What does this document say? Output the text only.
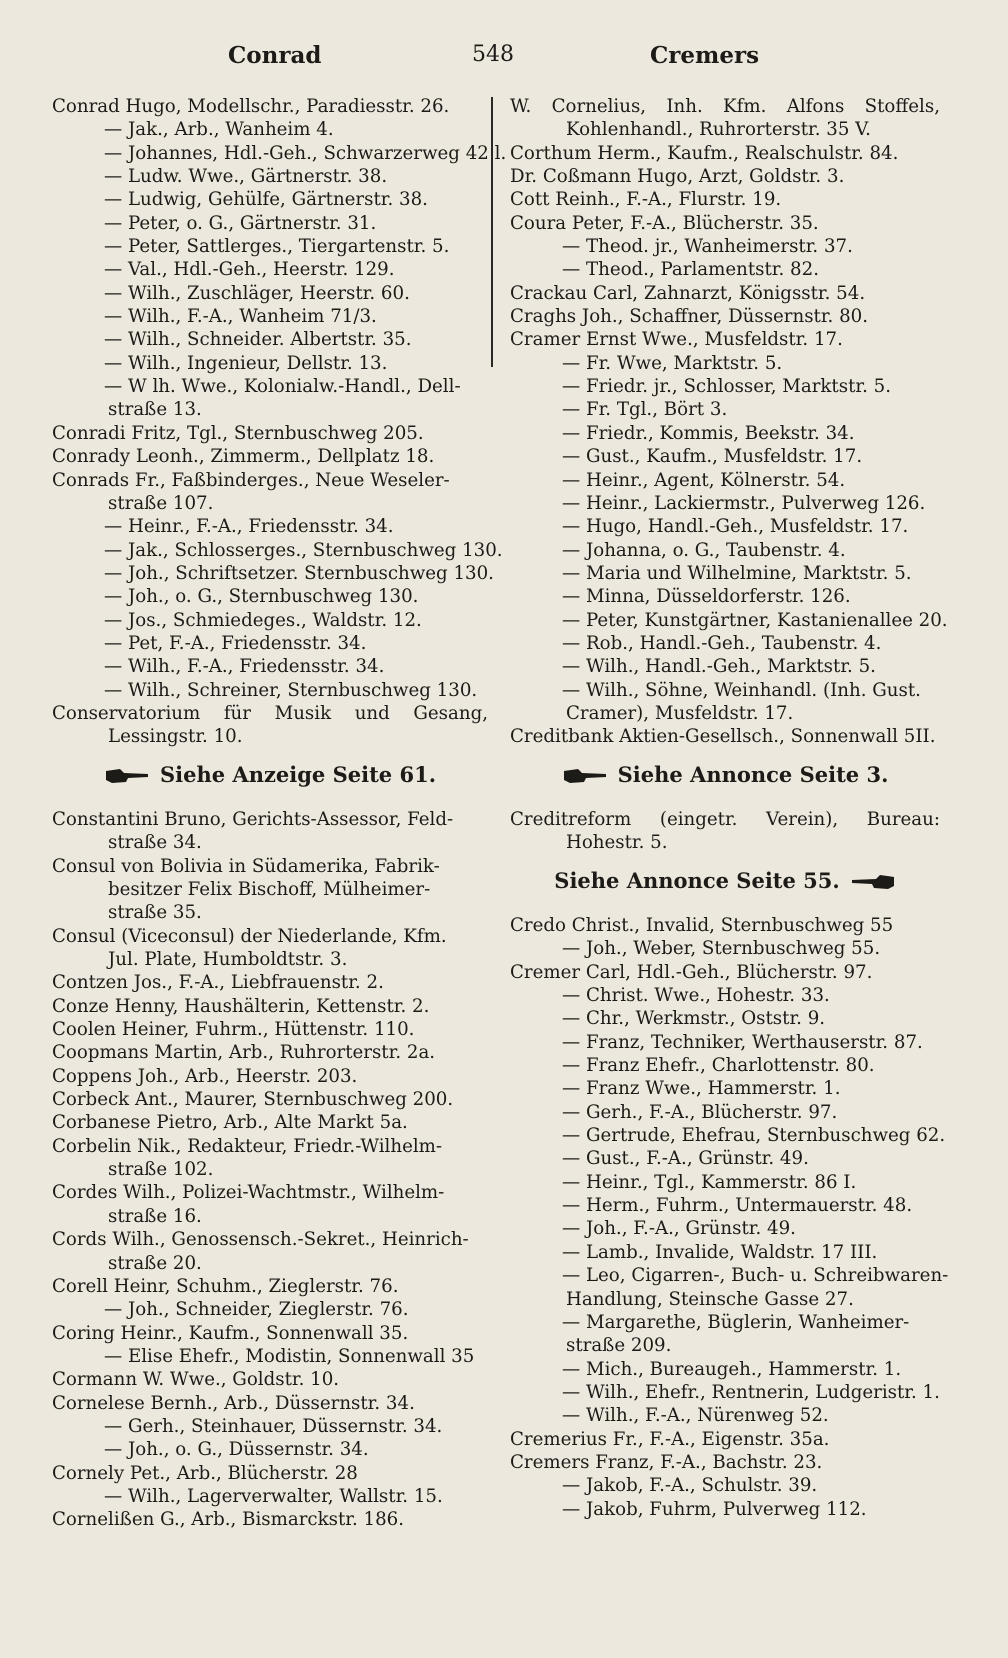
Conrad	548	Cremers
Conrad Hugo, Modellschr., Paradiesstr. 26.
— Jak., Arb., Wanheim 4.
— Johannes, Hdl.-Geh., Schwarzerweg 42 l.
— Ludw. Wwe., Gärtnerstr. 38.
— Ludwig, Gehülfe, Gärtnerstr. 38.
— Peter, o. G., Gärtnerstr. 31.
— Peter, Sattlerges., Tiergartenstr. 5.
— Val., Hdl.-Geh., Heerstr. 129.
— Wilh., Zuschläger, Heerstr. 60.
— Wilh., F.-A., Wanheim 71/3.
— Wilh., Schneider. Albertstr. 35.
— Wilh., Ingenieur, Dellstr. 13.
— W lh. Wwe., Kolonialw.-Handl., Dell-
straße 13.
Conradi Fritz, Tgl., Sternbuschweg 205.
Conrady Leonh., Zimmerm., Dellplatz 18.
Conrads Fr., Faßbinderges., Neue Weseler-
straße 107.
— Heinr., F.-A., Friedensstr. 34.
— Jak., Schlosserges., Sternbuschweg 130.
— Joh., Schriftsetzer. Sternbuschweg 130.
— Joh., o. G., Sternbuschweg 130.
— Jos., Schmiedeges., Waldstr. 12.
— Pet, F.-A., Friedensstr. 34.
— Wilh., F.-A., Friedensstr. 34.
— Wilh., Schreiner, Sternbuschweg 130.
Conservatorium für Musik und Gesang,
Lessingstr. 10.
Siehe Anzeige Seite 61.
Constantini Bruno, Gerichts-Assessor, Feld-
straße 34.
Consul von Bolivia in Südamerika, Fabrik-
besitzer Felix Bischoff, Mülheimer-
straße 35.
Consul (Viceconsul) der Niederlande, Kfm.
Jul. Plate, Humboldtstr. 3.
Contzen Jos., F.-A., Liebfrauenstr. 2.
Conze Henny, Haushälterin, Kettenstr. 2.
Coolen Heiner, Fuhrm., Hüttenstr. 110.
Coopmans Martin, Arb., Ruhrorterstr. 2a.
Coppens Joh., Arb., Heerstr. 203.
Corbeck Ant., Maurer, Sternbuschweg 200.
Corbanese Pietro, Arb., Alte Markt 5a.
Corbelin Nik., Redakteur, Friedr.-Wilhelm-
straße 102.
Cordes Wilh., Polizei-Wachtmstr., Wilhelm-
straße 16.
Cords Wilh., Genossensch.-Sekret., Heinrich-
straße 20.
Corell Heinr, Schuhm., Zieglerstr. 76.
— Joh., Schneider, Zieglerstr. 76.
Coring Heinr., Kaufm., Sonnenwall 35.
— Elise Ehefr., Modistin, Sonnenwall 35
Cormann W. Wwe., Goldstr. 10.
Cornelese Bernh., Arb., Düssernstr. 34.
— Gerh., Steinhauer, Düssernstr. 34.
— Joh., o. G., Düssernstr. 34.
Cornely Pet., Arb., Blücherstr. 28
— Wilh., Lagerverwalter, Wallstr. 15.
Cornelißen G., Arb., Bismarckstr. 186.
W. Cornelius, Inh. Kfm. Alfons Stoffels,
Kohlenhandl., Ruhrorterstr. 35 V.
Corthum Herm., Kaufm., Realschulstr. 84.
Dr. Coßmann Hugo, Arzt, Goldstr. 3.
Cott Reinh., F.-A., Flurstr. 19.
Coura Peter, F.-A., Blücherstr. 35.
— Theod. jr., Wanheimerstr. 37.
— Theod., Parlamentstr. 82.
Crackau Carl, Zahnarzt, Königsstr. 54.
Craghs Joh., Schaffner, Düssernstr. 80.
Cramer Ernst Wwe., Musfeldstr. 17.
— Fr. Wwe, Marktstr. 5.
— Friedr. jr., Schlosser, Marktstr. 5.
— Fr. Tgl., Bört 3.
— Friedr., Kommis, Beekstr. 34.
— Gust., Kaufm., Musfeldstr. 17.
— Heinr., Agent, Kölnerstr. 54.
— Heinr., Lackiermstr., Pulverweg 126.
— Hugo, Handl.-Geh., Musfeldstr. 17.
— Johanna, o. G., Taubenstr. 4.
— Maria und Wilhelmine, Marktstr. 5.
— Minna, Düsseldorferstr. 126.
— Peter, Kunstgärtner, Kastanienallee 20.
— Rob., Handl.-Geh., Taubenstr. 4.
— Wilh., Handl.-Geh., Marktstr. 5.
— Wilh., Söhne, Weinhandl. (Inh. Gust.
Cramer), Musfeldstr. 17.
Creditbank Aktien-Gesellsch., Sonnenwall 5II.
Siehe Annonce Seite 3.
Creditreform (eingetr. Verein), Bureau:
Hohestr. 5.
Siehe Annonce Seite 55.
Credo Christ., Invalid, Sternbuschweg 55
— Joh., Weber, Sternbuschweg 55.
Cremer Carl, Hdl.-Geh., Blücherstr. 97.
— Christ. Wwe., Hohestr. 33.
— Chr., Werkmstr., Oststr. 9.
— Franz, Techniker, Werthauserstr. 87.
— Franz Ehefr., Charlottenstr. 80.
— Franz Wwe., Hammerstr. 1.
— Gerh., F.-A., Blücherstr. 97.
— Gertrude, Ehefrau, Sternbuschweg 62.
— Gust., F.-A., Grünstr. 49.
— Heinr., Tgl., Kammerstr. 86 I.
— Herm., Fuhrm., Untermauerstr. 48.
— Joh., F.-A., Grünstr. 49.
— Lamb., Invalide, Waldstr. 17 III.
— Leo, Cigarren-, Buch- u. Schreibwaren-
Handlung, Steinsche Gasse 27.
— Margarethe, Büglerin, Wanheimer-
straße 209.
— Mich., Bureaugeh., Hammerstr. 1.
— Wilh., Ehefr., Rentnerin, Ludgeristr. 1.
— Wilh., F.-A., Nürenweg 52.
Cremerius Fr., F.-A., Eigenstr. 35a.
Cremers Franz, F.-A., Bachstr. 23.
— Jakob, F.-A., Schulstr. 39.
— Jakob, Fuhrm, Pulverweg 112.
